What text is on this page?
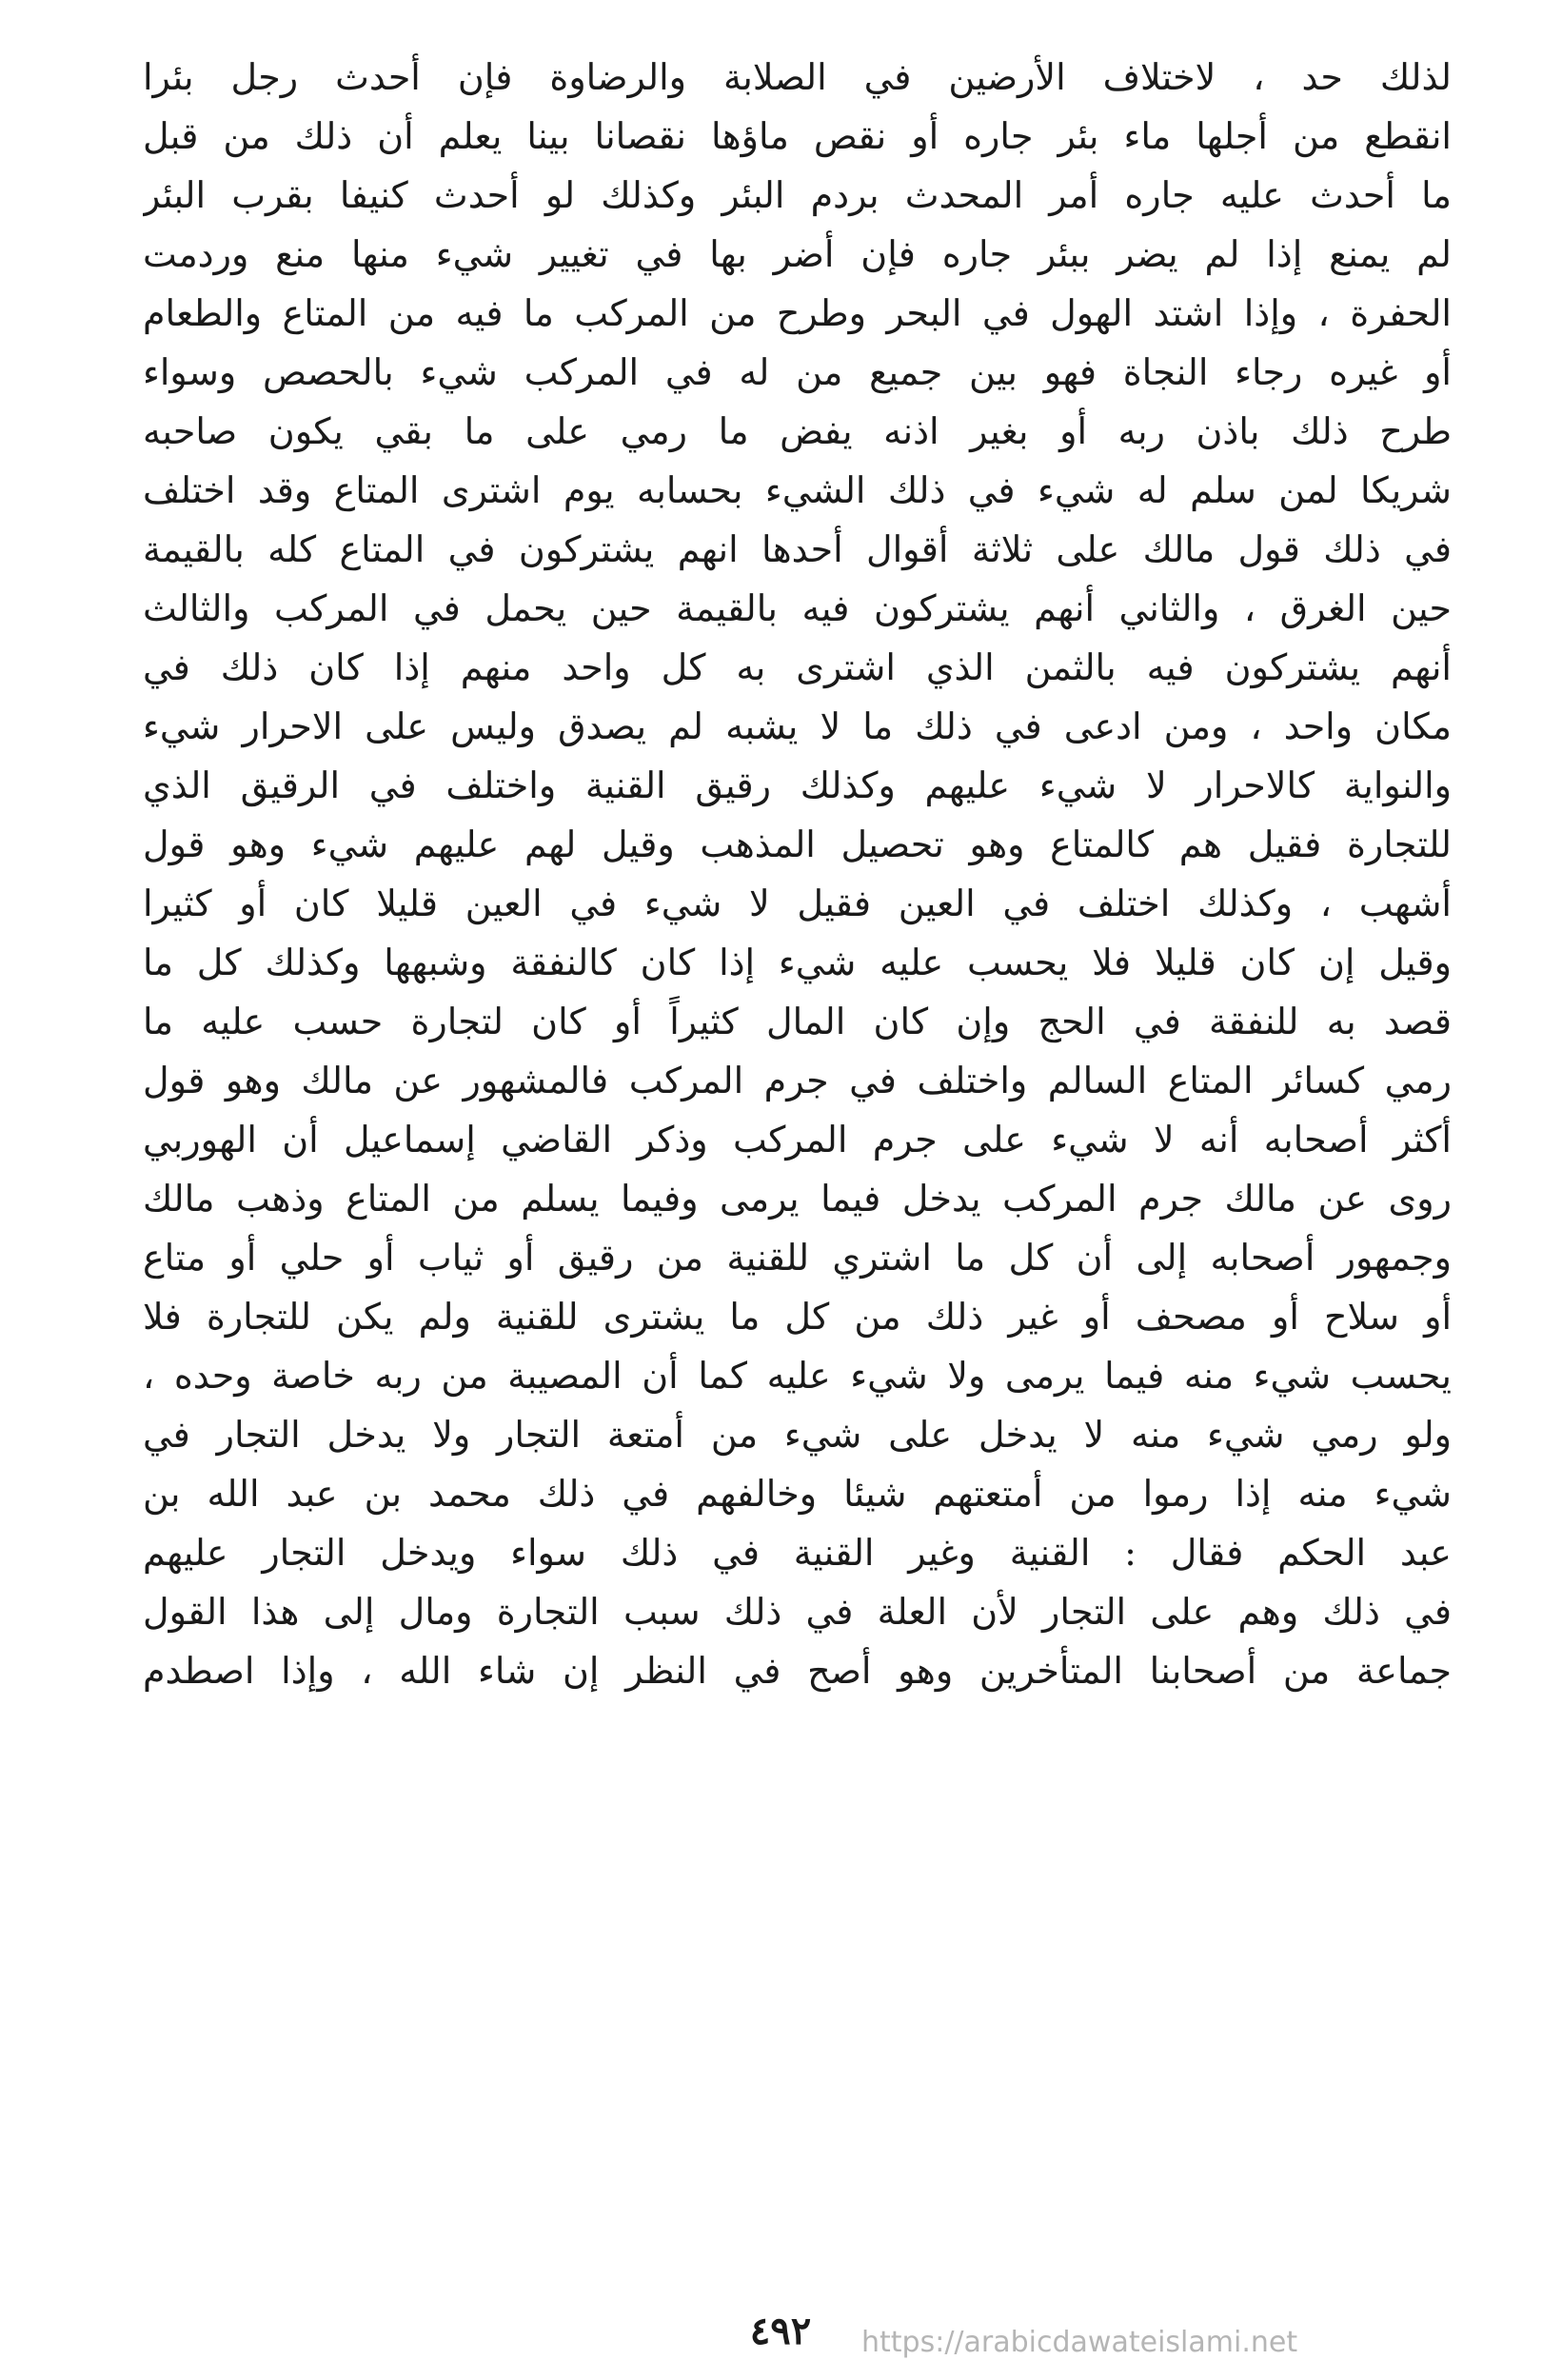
لذلك حد ، لاختلاف الأرضين في الصلابة والرضاوة فإن أحدث رجل بئرا
انقطع من أجلها ماء بئر جاره أو نقص ماؤها نقصانا بينا يعلم أن ذلك من قبل
ما أحدث عليه جاره أمر المحدث بردم البئر وكذلك لو أحدث كنيفا بقرب البئر
لم يمنع إذا لم يضر ببئر جاره فإن أضر بها في تغيير شيء منها منع وردمت
الحفرة ، وإذا اشتد الهول في البحر وطرح من المركب ما فيه من المتاع والطعام
أو غيره رجاء النجاة فهو بين جميع من له في المركب شيء بالحصص وسواء
طرح ذلك باذن ربه أو بغير اذنه يفض ما رمي على ما بقي يكون صاحبه
شريكا لمن سلم له شيء في ذلك الشيء بحسابه يوم اشترى المتاع وقد اختلف
في ذلك قول مالك على ثلاثة أقوال أحدها انهم يشتركون في المتاع كله بالقيمة
حين الغرق ، والثاني أنهم يشتركون فيه بالقيمة حين يحمل في المركب والثالث
أنهم يشتركون فيه بالثمن الذي اشترى به كل واحد منهم إذا كان ذلك في
مكان واحد ، ومن ادعى في ذلك ما لا يشبه لم يصدق وليس على الاحرار شيء
والنواية كالاحرار لا شيء عليهم وكذلك رقيق القنية واختلف في الرقيق الذي
للتجارة فقيل هم كالمتاع وهو تحصيل المذهب وقيل لهم عليهم شيء وهو قول
أشهب ، وكذلك اختلف في العين فقيل لا شيء في العين قليلا كان أو كثيرا
وقيل إن كان قليلا فلا يحسب عليه شيء إذا كان كالنفقة وشبهها وكذلك كل ما
قصد به للنفقة في الحج وإن كان المال كثيراً أو كان لتجارة حسب عليه ما
رمي كسائر المتاع السالم واختلف في جرم المركب فالمشهور عن مالك وهو قول
أكثر أصحابه أنه لا شيء على جرم المركب وذكر القاضي إسماعيل أن الهوربي
روى عن مالك جرم المركب يدخل فيما يرمى وفيما يسلم من المتاع وذهب مالك
وجمهور أصحابه إلى أن كل ما اشتري للقنية من رقيق أو ثياب أو حلي أو متاع
أو سلاح أو مصحف أو غير ذلك من كل ما يشترى للقنية ولم يكن للتجارة فلا
يحسب شيء منه فيما يرمى ولا شيء عليه كما أن المصيبة من ربه خاصة وحده ،
ولو رمي شيء منه لا يدخل على شيء من أمتعة التجار ولا يدخل التجار في
شيء منه إذا رموا من أمتعتهم شيئا وخالفهم في ذلك محمد بن عبد الله بن
عبد الحكم فقال : القنية وغير القنية في ذلك سواء ويدخل التجار عليهم
في ذلك وهم على التجار لأن العلة في ذلك سبب التجارة ومال إلى هذا القول
جماعة من أصحابنا المتأخرين وهو أصح في النظر إن شاء الله ، وإذا اصطدم
٤٩٢	https://arabicdawateislami.net
